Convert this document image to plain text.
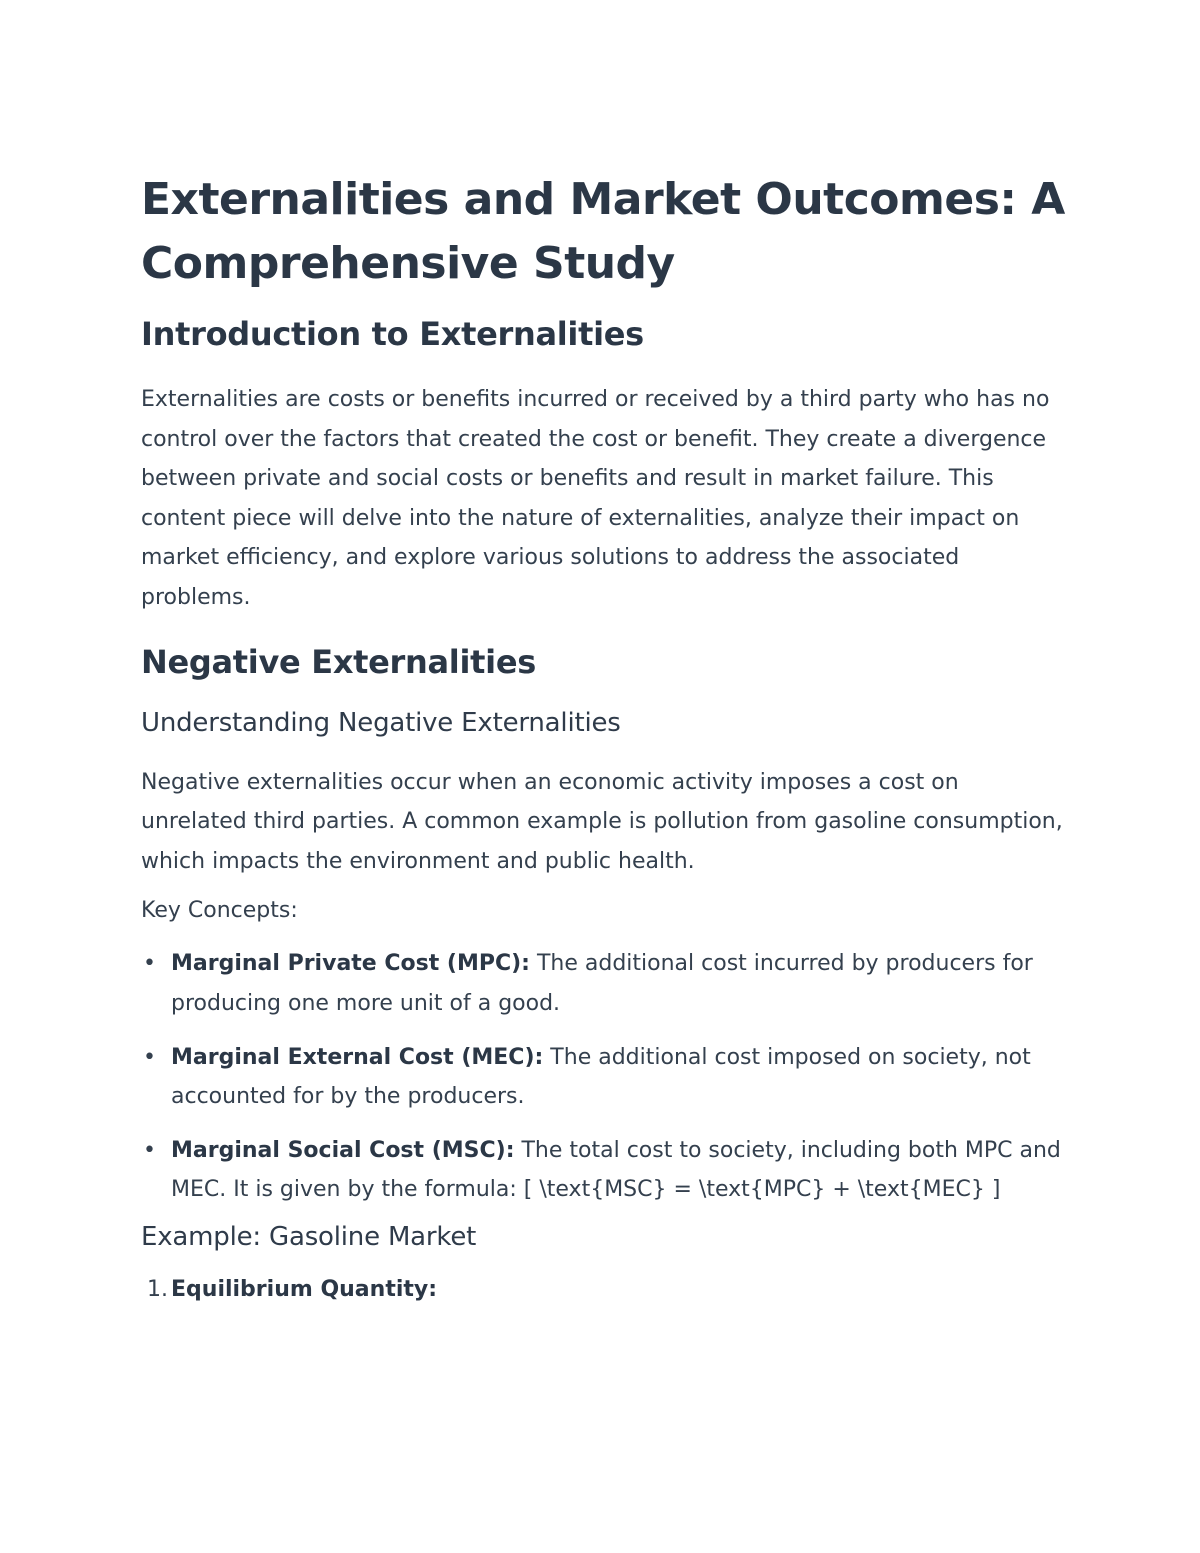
Externalities and Market Outcomes: A Comprehensive Study
Introduction to Externalities

Externalities are costs or benefits incurred or received by a third party who has no control over the factors that created the cost or benefit. They create a divergence between private and social costs or benefits and result in market failure. This content piece will delve into the nature of externalities, analyze their impact on market efficiency, and explore various solutions to address the associated problems.

Negative Externalities
Understanding Negative Externalities

Negative externalities occur when an economic activity imposes a cost on unrelated third parties. A common example is pollution from gasoline consumption, which impacts the environment and public health.

Key Concepts:
• Marginal Private Cost (MPC): The additional cost incurred by producers for producing one more unit of a good.
• Marginal External Cost (MEC): The additional cost imposed on society, not accounted for by the producers.
• Marginal Social Cost (MSC): The total cost to society, including both MPC and MEC. It is given by the formula: [ \text{MSC} = \text{MPC} + \text{MEC} ]
Example: Gasoline Market
1. Equilibrium Quantity:
